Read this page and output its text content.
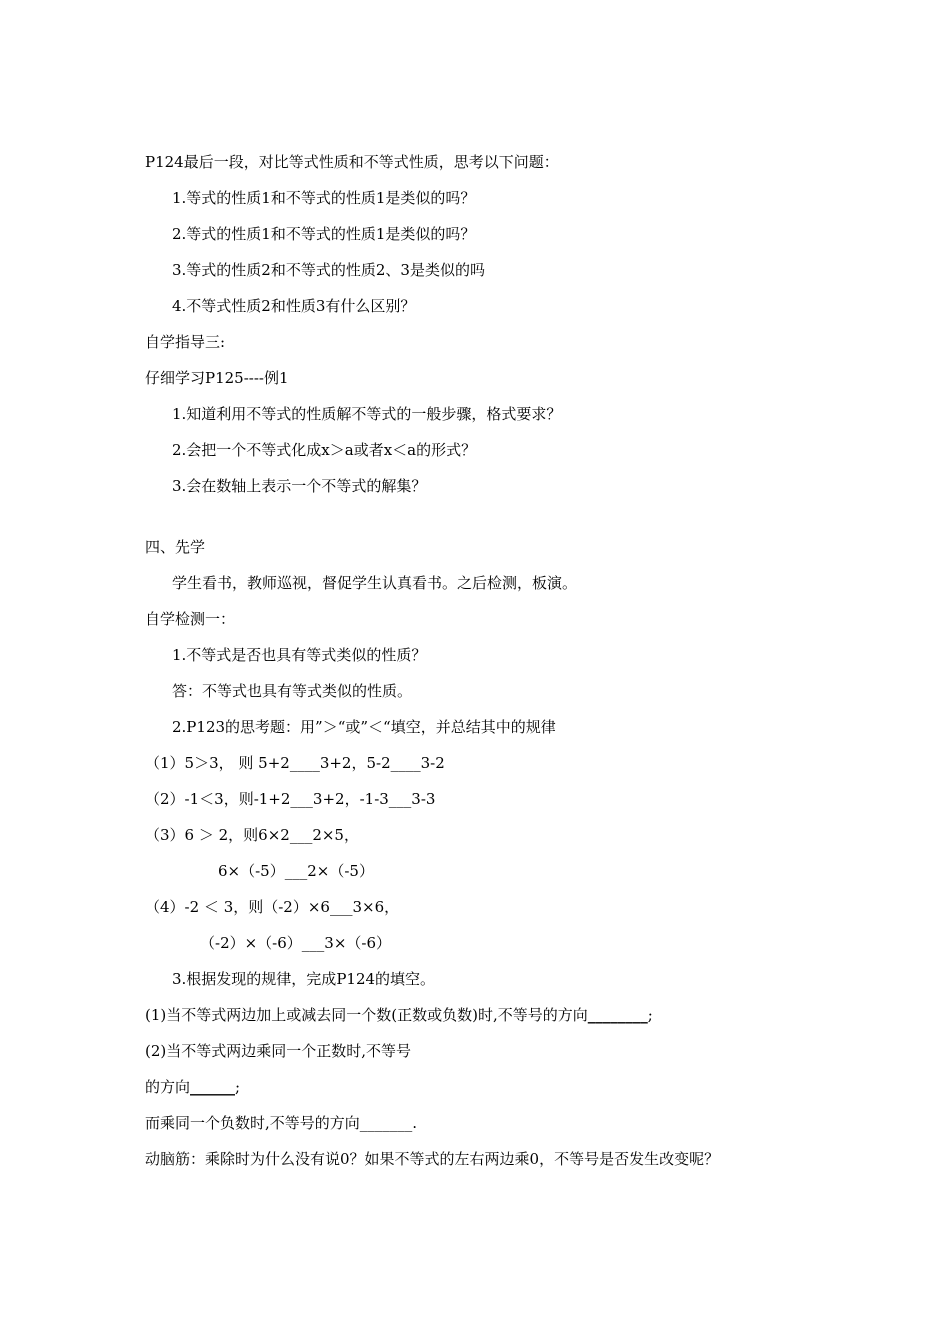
P124最后一段，对比等式性质和不等式性质，思考以下问题：
1.等式的性质1和不等式的性质1是类似的吗？
2.等式的性质1和不等式的性质1是类似的吗？
3.等式的性质2和不等式的性质2、3是类似的吗
4.不等式性质2和性质3有什么区别？
自学指导三:
仔细学习P125----例1
1.知道利用不等式的性质解不等式的一般步骤，格式要求？
2.会把一个不等式化成x＞a或者x＜a的形式？
3.会在数轴上表示一个不等式的解集？
四、先学
学生看书，教师巡视，督促学生认真看书。之后检测，板演。
自学检测一：
1.不等式是否也具有等式类似的性质？
答：不等式也具有等式类似的性质。
2.P123的思考题：用”＞“或”＜“填空，并总结其中的规律
（1）5＞3， 则 5+2____3+2，5-2____3-2
（2）-1＜3，则-1+2___3+2，-1-3___3-3
（3）6 ＞ 2，则6×2___2×5，
6×（-5）___2×（-5）
（4）-2 ＜ 3，则（-2）×6___3×6，
（-2）×（-6）___3×（-6）
3.根据发现的规律，完成P124的填空。
(1)当不等式两边加上或减去同一个数(正数或负数)时,不等号的方向________;
(2)当不等式两边乘同一个正数时,不等号
的方向______;
而乘同一个负数时,不等号的方向_______.
动脑筋：乘除时为什么没有说0？如果不等式的左右两边乘0，不等号是否发生改变呢？
